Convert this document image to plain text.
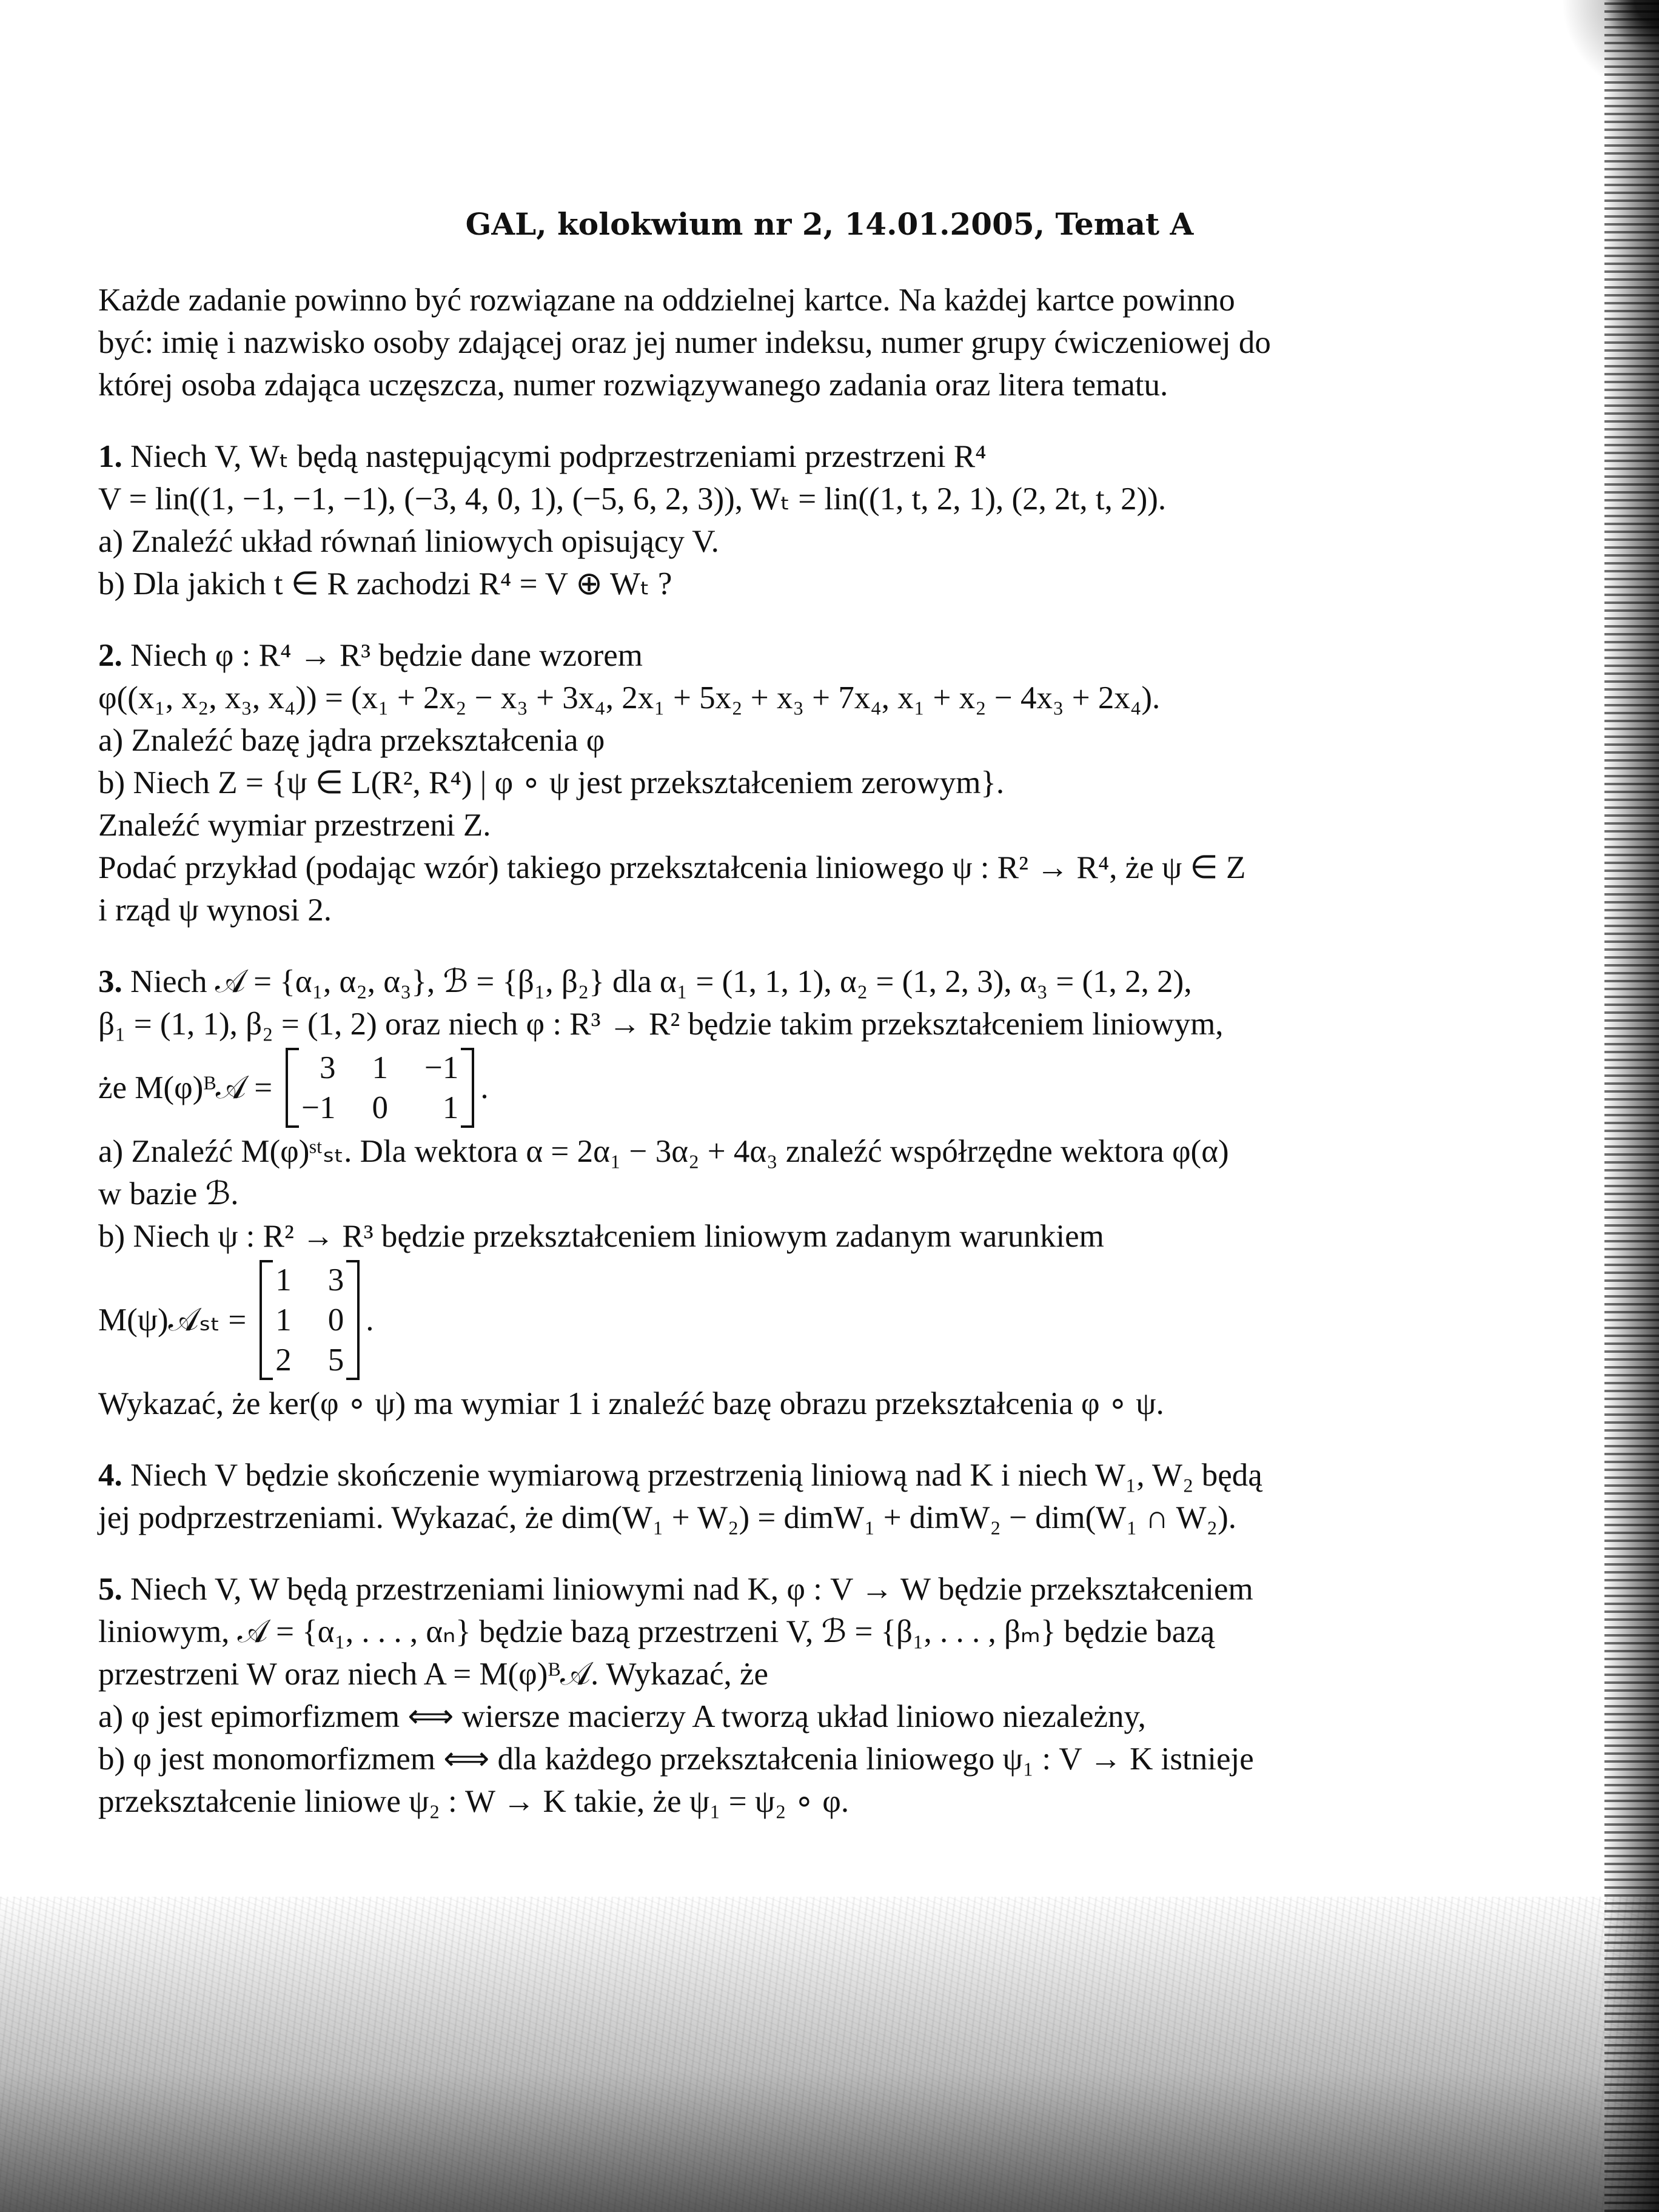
GAL, kolokwium nr 2, 14.01.2005, Temat A
Każde zadanie powinno być rozwiązane na oddzielnej kartce. Na każdej kartce powinno
być: imię i nazwisko osoby zdającej oraz jej numer indeksu, numer grupy ćwiczeniowej do
której osoba zdająca uczęszcza, numer rozwiązywanego zadania oraz litera tematu.
1. Niech V, Wₜ będą następującymi podprzestrzeniami przestrzeni R⁴
V = lin((1, −1, −1, −1), (−3, 4, 0, 1), (−5, 6, 2, 3)), Wₜ = lin((1, t, 2, 1), (2, 2t, t, 2)).
a) Znaleźć układ równań liniowych opisujący V.
b) Dla jakich t ∈ R zachodzi R⁴ = V ⊕ Wₜ ?
2. Niech φ : R⁴ → R³ będzie dane wzorem
φ((x₁, x₂, x₃, x₄)) = (x₁ + 2x₂ − x₃ + 3x₄, 2x₁ + 5x₂ + x₃ + 7x₄, x₁ + x₂ − 4x₃ + 2x₄).
a) Znaleźć bazę jądra przekształcenia φ
b) Niech Z = {ψ ∈ L(R², R⁴) | φ ∘ ψ jest przekształceniem zerowym}.
Znaleźć wymiar przestrzeni Z.
Podać przykład (podając wzór) takiego przekształcenia liniowego ψ : R² → R⁴, że ψ ∈ Z
i rząd ψ wynosi 2.
3. Niech 𝒜 = {α₁, α₂, α₃}, ℬ = {β₁, β₂} dla α₁ = (1, 1, 1), α₂ = (1, 2, 3), α₃ = (1, 2, 2),
β₁ = (1, 1), β₂ = (1, 2) oraz niech φ : R³ → R² będzie takim przekształceniem liniowym,
że M(φ)ᴮ𝒜 =
3 1 −1
−1 0	1
.
a) Znaleźć M(φ)ˢᵗₛₜ. Dla wektora α = 2α₁ − 3α₂ + 4α₃ znaleźć współrzędne wektora φ(α)
w bazie ℬ.
b) Niech ψ : R² → R³ będzie przekształceniem liniowym zadanym warunkiem
M(ψ)𝒜ₛₜ =
1 3
1 0
2 5
.
Wykazać, że ker(φ ∘ ψ) ma wymiar 1 i znaleźć bazę obrazu przekształcenia φ ∘ ψ.
4. Niech V będzie skończenie wymiarową przestrzenią liniową nad K i niech W₁, W₂ będą
jej podprzestrzeniami. Wykazać, że dim(W₁ + W₂) = dimW₁ + dimW₂ − dim(W₁ ∩ W₂).
5. Niech V, W będą przestrzeniami liniowymi nad K, φ : V → W będzie przekształceniem
liniowym, 𝒜 = {α₁, . . . , αₙ} będzie bazą przestrzeni V, ℬ = {β₁, . . . , βₘ} będzie bazą
przestrzeni W oraz niech A = M(φ)ᴮ𝒜. Wykazać, że
a) φ jest epimorfizmem ⟺ wiersze macierzy A tworzą układ liniowo niezależny,
b) φ jest monomorfizmem ⟺ dla każdego przekształcenia liniowego ψ₁ : V → K istnieje
przekształcenie liniowe ψ₂ : W → K takie, że ψ₁ = ψ₂ ∘ φ.
